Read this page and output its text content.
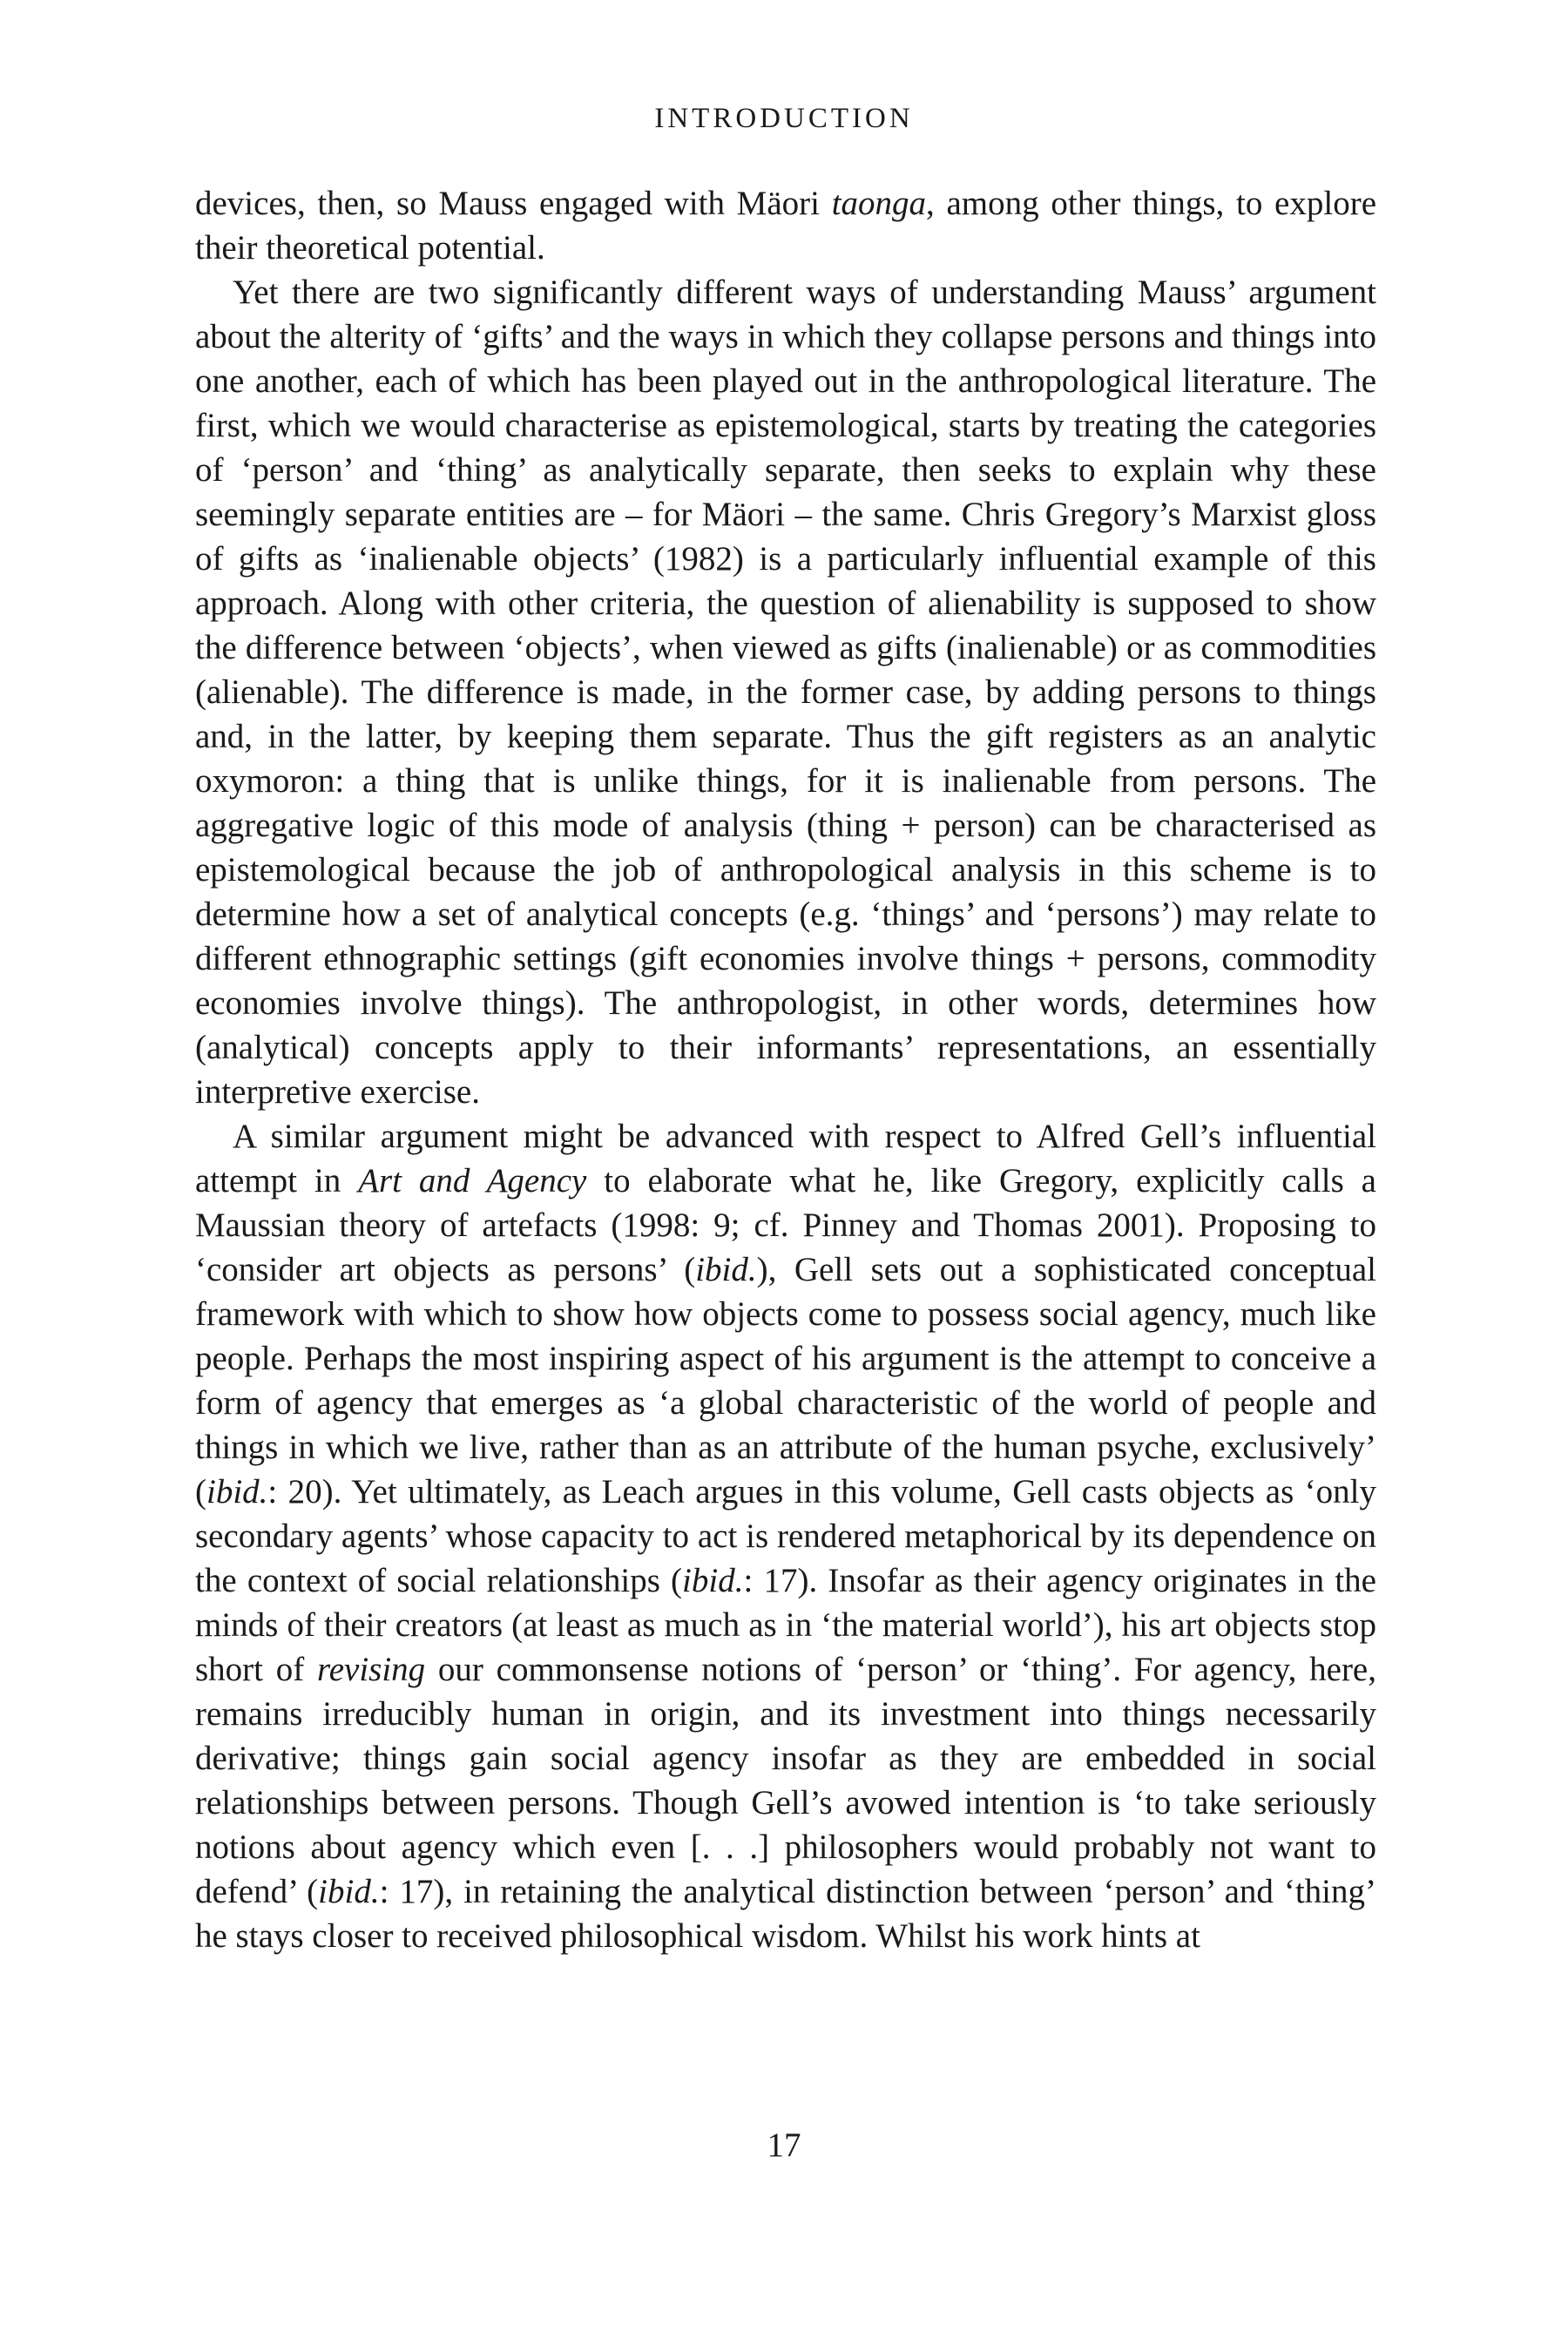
INTRODUCTION

devices, then, so Mauss engaged with Mäori taonga, among other things, to explore their theoretical potential.

Yet there are two significantly different ways of understanding Mauss’ argument about the alterity of ‘gifts’ and the ways in which they collapse persons and things into one another, each of which has been played out in the anthropological literature. The first, which we would characterise as epistemological, starts by treating the categories of ‘person’ and ‘thing’ as analytically separate, then seeks to explain why these seemingly separate entities are – for Mäori – the same. Chris Gregory’s Marxist gloss of gifts as ‘inalienable objects’ (1982) is a particularly influential example of this approach. Along with other criteria, the question of alienability is supposed to show the difference between ‘objects’, when viewed as gifts (inalienable) or as commodities (alienable). The difference is made, in the former case, by adding persons to things and, in the latter, by keeping them separate. Thus the gift registers as an analytic oxymoron: a thing that is unlike things, for it is inalienable from persons. The aggregative logic of this mode of analysis (thing + person) can be characterised as epistemological because the job of anthropological analysis in this scheme is to determine how a set of analytical concepts (e.g. ‘things’ and ‘persons’) may relate to different ethnographic settings (gift economies involve things + persons, commodity economies involve things). The anthropologist, in other words, determines how (analytical) concepts apply to their informants’ representations, an essentially interpretive exercise.

A similar argument might be advanced with respect to Alfred Gell’s influential attempt in Art and Agency to elaborate what he, like Gregory, explicitly calls a Maussian theory of artefacts (1998: 9; cf. Pinney and Thomas 2001). Proposing to ‘consider art objects as persons’ (ibid.), Gell sets out a sophisticated conceptual framework with which to show how objects come to possess social agency, much like people. Perhaps the most inspiring aspect of his argument is the attempt to conceive a form of agency that emerges as ‘a global characteristic of the world of people and things in which we live, rather than as an attribute of the human psyche, exclusively’ (ibid.: 20). Yet ultimately, as Leach argues in this volume, Gell casts objects as ‘only secondary agents’ whose capacity to act is rendered metaphorical by its dependence on the context of social relationships (ibid.: 17). Insofar as their agency originates in the minds of their creators (at least as much as in ‘the material world’), his art objects stop short of revising our commonsense notions of ‘person’ or ‘thing’. For agency, here, remains irreducibly human in origin, and its investment into things necessarily derivative; things gain social agency insofar as they are embedded in social relationships between persons. Though Gell’s avowed intention is ‘to take seriously notions about agency which even [. . .] philosophers would probably not want to defend’ (ibid.: 17), in retaining the analytical distinction between ‘person’ and ‘thing’ he stays closer to received philosophical wisdom. Whilst his work hints at

17
